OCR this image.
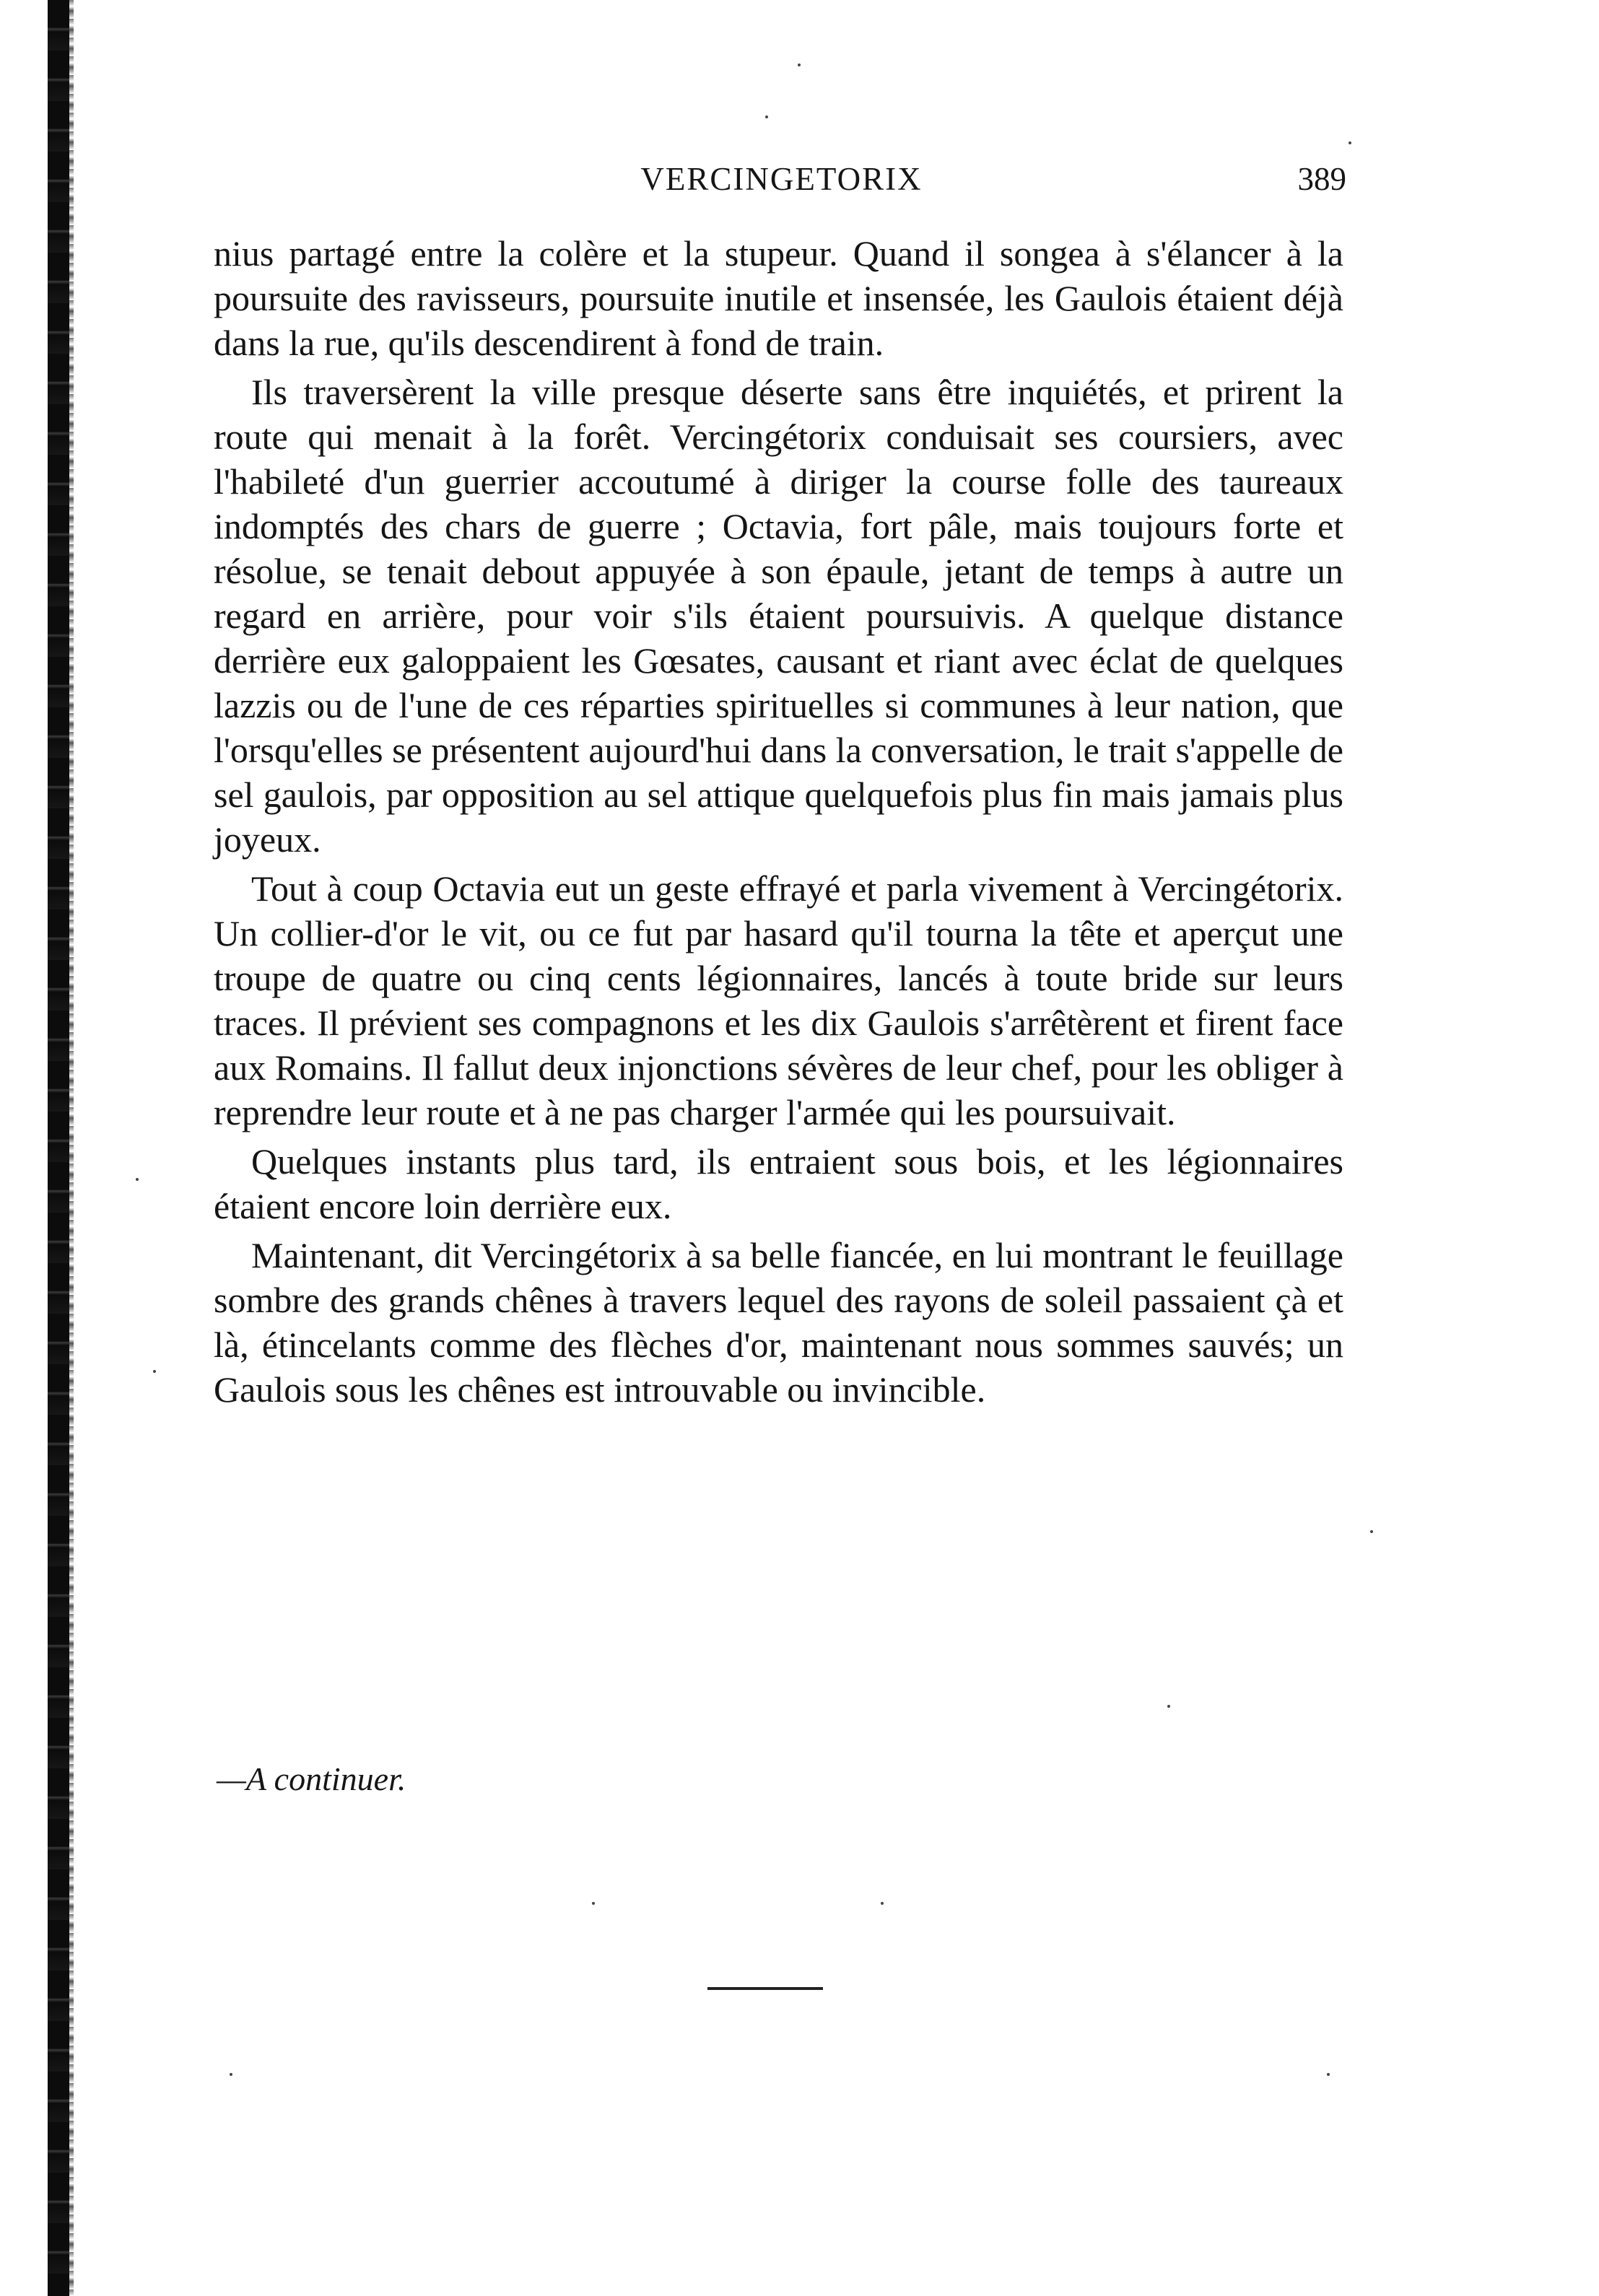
VERCINGETORIX	389

nius partagé entre la colère et la stupeur. Quand il songea à s'élancer à la poursuite des ravisseurs, poursuite inutile et insensée, les Gaulois étaient déjà dans la rue, qu'ils descendirent à fond de train.

Ils traversèrent la ville presque déserte sans être inquiétés, et prirent la route qui menait à la forêt. Vercingétorix conduisait ses coursiers, avec l'habileté d'un guerrier accoutumé à diriger la course folle des taureaux indomptés des chars de guerre ; Octavia, fort pâle, mais toujours forte et résolue, se tenait debout appuyée à son épaule, jetant de temps à autre un regard en arrière, pour voir s'ils étaient poursuivis. A quelque distance derrière eux galoppaient les Gœsates, causant et riant avec éclat de quelques lazzis ou de l'une de ces réparties spirituelles si communes à leur nation, que l'orsqu'elles se présentent aujourd'hui dans la conversation, le trait s'appelle de sel gaulois, par opposition au sel attique quelquefois plus fin mais jamais plus joyeux.

Tout à coup Octavia eut un geste effrayé et parla vivement à Vercingétorix. Un collier-d'or le vit, ou ce fut par hasard qu'il tourna la tête et aperçut une troupe de quatre ou cinq cents légionnaires, lancés à toute bride sur leurs traces. Il prévient ses compagnons et les dix Gaulois s'arrêtèrent et firent face aux Romains. Il fallut deux injonctions sévères de leur chef, pour les obliger à reprendre leur route et à ne pas charger l'armée qui les poursuivait.

Quelques instants plus tard, ils entraient sous bois, et les légionnaires étaient encore loin derrière eux.

Maintenant, dit Vercingétorix à sa belle fiancée, en lui montrant le feuillage sombre des grands chênes à travers lequel des rayons de soleil passaient çà et là, étincelants comme des flèches d'or, maintenant nous sommes sauvés; un Gaulois sous les chênes est introuvable ou invincible.

—A continuer.
